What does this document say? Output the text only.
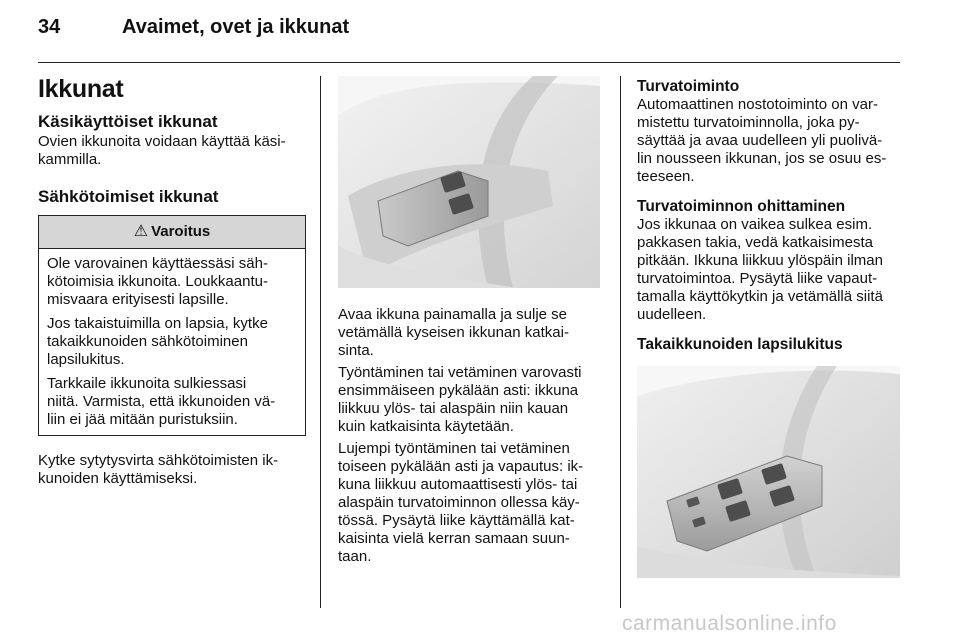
34	Avaimet, ovet ja ikkunat
Ikkunat
Käsikäyttöiset ikkunat

Ovien ikkunoita voidaan käyttää käsi-
kammilla.

Sähkötoimiset ikkunat
⚠ Varoitus

Ole varovainen käyttäessäsi säh-
kötoimisia ikkunoita. Loukkaantu-
misvaara erityisesti lapsille.

Jos takaistuimilla on lapsia, kytke
takaikkunoiden sähkötoiminen
lapsilukitus.

Tarkkaile ikkunoita sulkiessasi
niitä. Varmista, että ikkunoiden vä-
liin ei jää mitään puristuksiin.

Kytke sytytysvirta sähkötoimisten ik-
kunoiden käyttämiseksi.

Avaa ikkuna painamalla ja sulje se
vetämällä kyseisen ikkunan katkai-
sinta.

Työntäminen tai vetäminen varovasti
ensimmäiseen pykälään asti: ikkuna
liikkuu ylös- tai alaspäin niin kauan
kuin katkaisinta käytetään.

Lujempi työntäminen tai vetäminen
toiseen pykälään asti ja vapautus: ik-
kuna liikkuu automaattisesti ylös- tai
alaspäin turvatoiminnon ollessa käy-
tössä. Pysäytä liike käyttämällä kat-
kaisinta vielä kerran samaan suun-
taan.

Turvatoiminto

Automaattinen nostotoiminto on var-
mistettu turvatoiminnolla, joka py-
säyttää ja avaa uudelleen yli puolivä-
lin nousseen ikkunan, jos se osuu es-
teeseen.

Turvatoiminnon ohittaminen

Jos ikkunaa on vaikea sulkea esim.
pakkasen takia, vedä katkaisimesta
pitkään. Ikkuna liikkuu ylöspäin ilman
turvatoimintoa. Pysäytä liike vapaut-
tamalla käyttökytkin ja vetämällä siitä
uudelleen.

Takaikkunoiden lapsilukitus
carmanualsonline.info
